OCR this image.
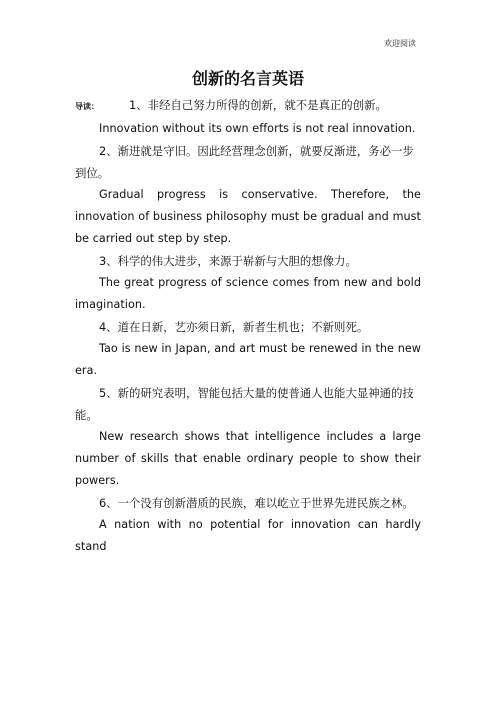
欢迎阅读
创新的名言英语
导读：	1、非经自己努力所得的创新，就不是真正的创新。

Innovation without its own efforts is not real innovation.

2、渐进就是守旧。因此经营理念创新，就要反渐进，务必一步到位。

Gradual progress is conservative. Therefore, the innovation of business philosophy must be gradual and must be carried out step by step.

3、科学的伟大进步，来源于崭新与大胆的想像力。

The great progress of science comes from new and bold imagination.

4、道在日新，艺亦须日新，新者生机也；不新则死。

Tao is new in Japan, and art must be renewed in the new era.

5、新的研究表明，智能包括大量的使普通人也能大显神通的技能。

New research shows that intelligence includes a large number of skills that enable ordinary people to show their powers.

6、一个没有创新潜质的民族，难以屹立于世界先进民族之林。

A nation with no potential for innovation can hardly stand
